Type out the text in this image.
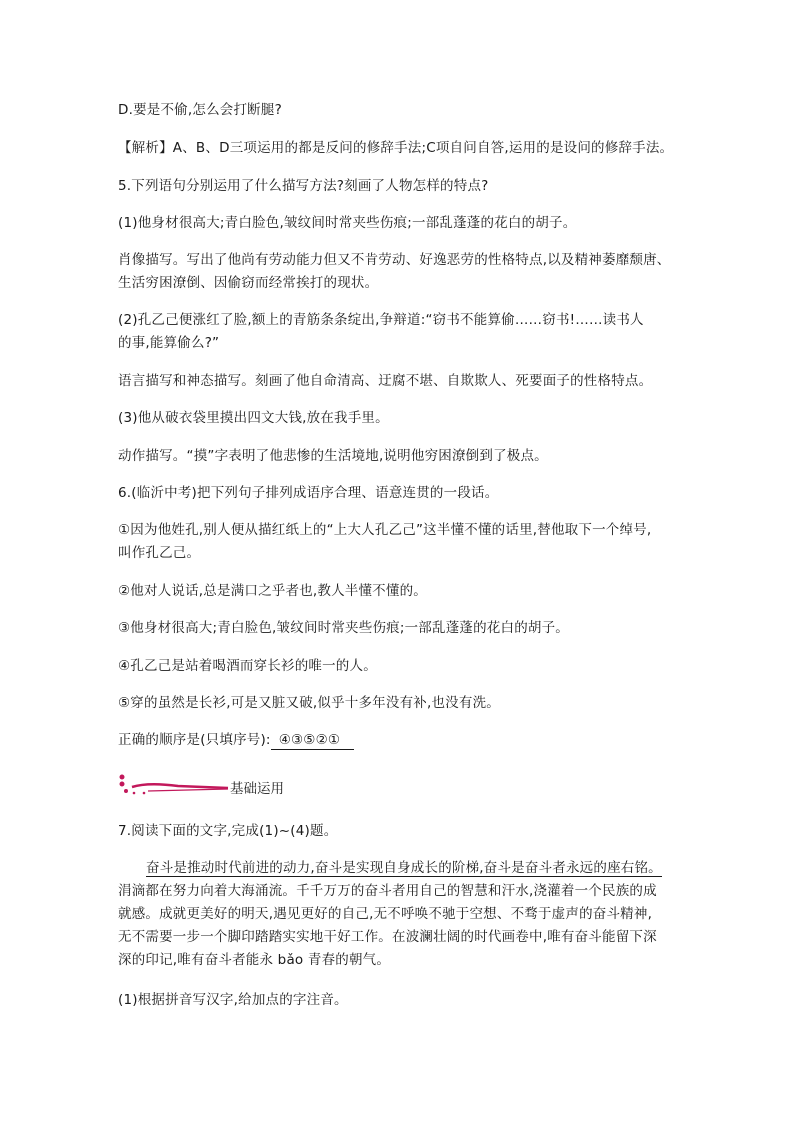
D.要是不偷,怎么会打断腿?
【解析】A、B、D三项运用的都是反问的修辞手法;C项自问自答,运用的是设问的修辞手法。
5.下列语句分别运用了什么描写方法?刻画了人物怎样的特点?
(1)他身材很高大;青白脸色,皱纹间时常夹些伤痕;一部乱蓬蓬的花白的胡子。
肖像描写。写出了他尚有劳动能力但又不肯劳动、好逸恶劳的性格特点,以及精神萎靡颓唐、
生活穷困潦倒、因偷窃而经常挨打的现状。
(2)孔乙己便涨红了脸,额上的青筋条条绽出,争辩道:“窃书不能算偷……窃书!……读书人
的事,能算偷么?”
语言描写和神态描写。刻画了他自命清高、迂腐不堪、自欺欺人、死要面子的性格特点。
(3)他从破衣袋里摸出四文大钱,放在我手里。
动作描写。“摸”字表明了他悲惨的生活境地,说明他穷困潦倒到了极点。
6.(临沂中考)把下列句子排列成语序合理、语意连贯的一段话。
①因为他姓孔,别人便从描红纸上的“上大人孔乙己”这半懂不懂的话里,替他取下一个绰号,
叫作孔乙己。
②他对人说话,总是满口之乎者也,教人半懂不懂的。
③他身材很高大;青白脸色,皱纹间时常夹些伤痕;一部乱蓬蓬的花白的胡子。
④孔乙己是站着喝酒而穿长衫的唯一的人。
⑤穿的虽然是长衫,可是又脏又破,似乎十多年没有补,也没有洗。
正确的顺序是(只填序号): ④③⑤②①
基础运用
7.阅读下面的文字,完成(1)~(4)题。
奋斗是推动时代前进的动力,奋斗是实现自身成长的阶梯,奋斗是奋斗者永远的座右铭。
涓滴都在努力向着大海涌流。千千万万的奋斗者用自己的智慧和汗水,浇灌着一个民族的成
就感。成就更美好的明天,遇见更好的自己,无不呼唤不驰于空想、不骛于虚声的奋斗精神,
无不需要一步一个脚印踏踏实实地干好工作。在波澜壮阔的时代画卷中,唯有奋斗能留下深
深的印记,唯有奋斗者能永 bǎo 青春的朝气。
(1)根据拼音写汉字,给加点的字注音。
